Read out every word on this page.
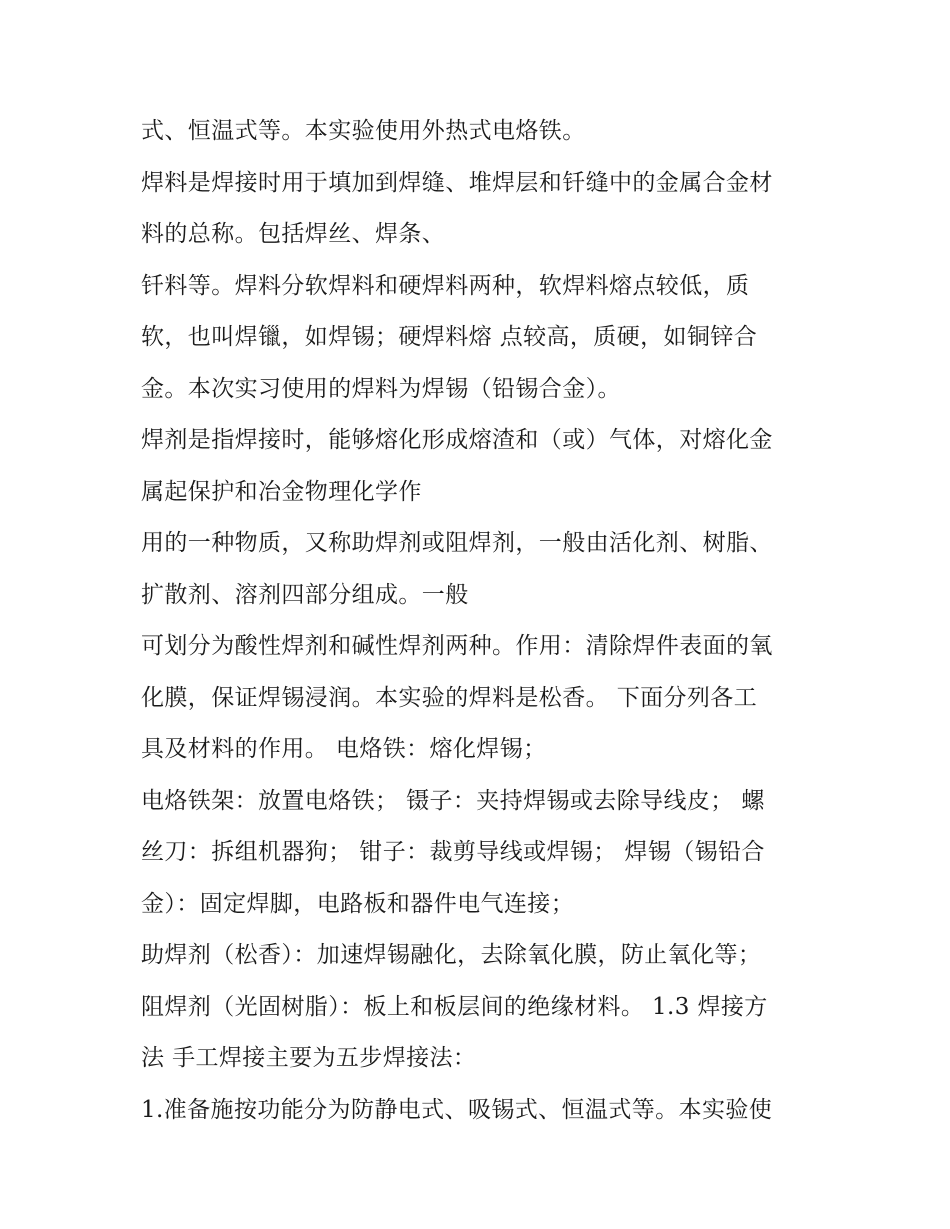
式、恒温式等。本实验使用外热式电烙铁。
焊料是焊接时用于填加到焊缝、堆焊层和钎缝中的金属合金材
料的总称。包括焊丝、焊条、
钎料等。焊料分软焊料和硬焊料两种，软焊料熔点较低，质
软，也叫焊镴，如焊锡；硬焊料熔 点较高，质硬，如铜锌合
金。本次实习使用的焊料为焊锡（铅锡合金）。
焊剂是指焊接时，能够熔化形成熔渣和（或）气体，对熔化金
属起保护和冶金物理化学作
用的一种物质，又称助焊剂或阻焊剂，一般由活化剂、树脂、
扩散剂、溶剂四部分组成。一般
可划分为酸性焊剂和碱性焊剂两种。作用：清除焊件表面的氧
化膜，保证焊锡浸润。本实验的焊料是松香。 下面分列各工
具及材料的作用。 电烙铁：熔化焊锡；
电烙铁架：放置电烙铁； 镊子：夹持焊锡或去除导线皮； 螺
丝刀：拆组机器狗； 钳子：裁剪导线或焊锡； 焊锡（锡铅合
金）：固定焊脚，电路板和器件电气连接；
助焊剂（松香）：加速焊锡融化，去除氧化膜，防止氧化等；
阻焊剂（光固树脂）：板上和板层间的绝缘材料。 1.3 焊接方
法 手工焊接主要为五步焊接法：
1.准备施按功能分为防静电式、吸锡式、恒温式等。本实验使
